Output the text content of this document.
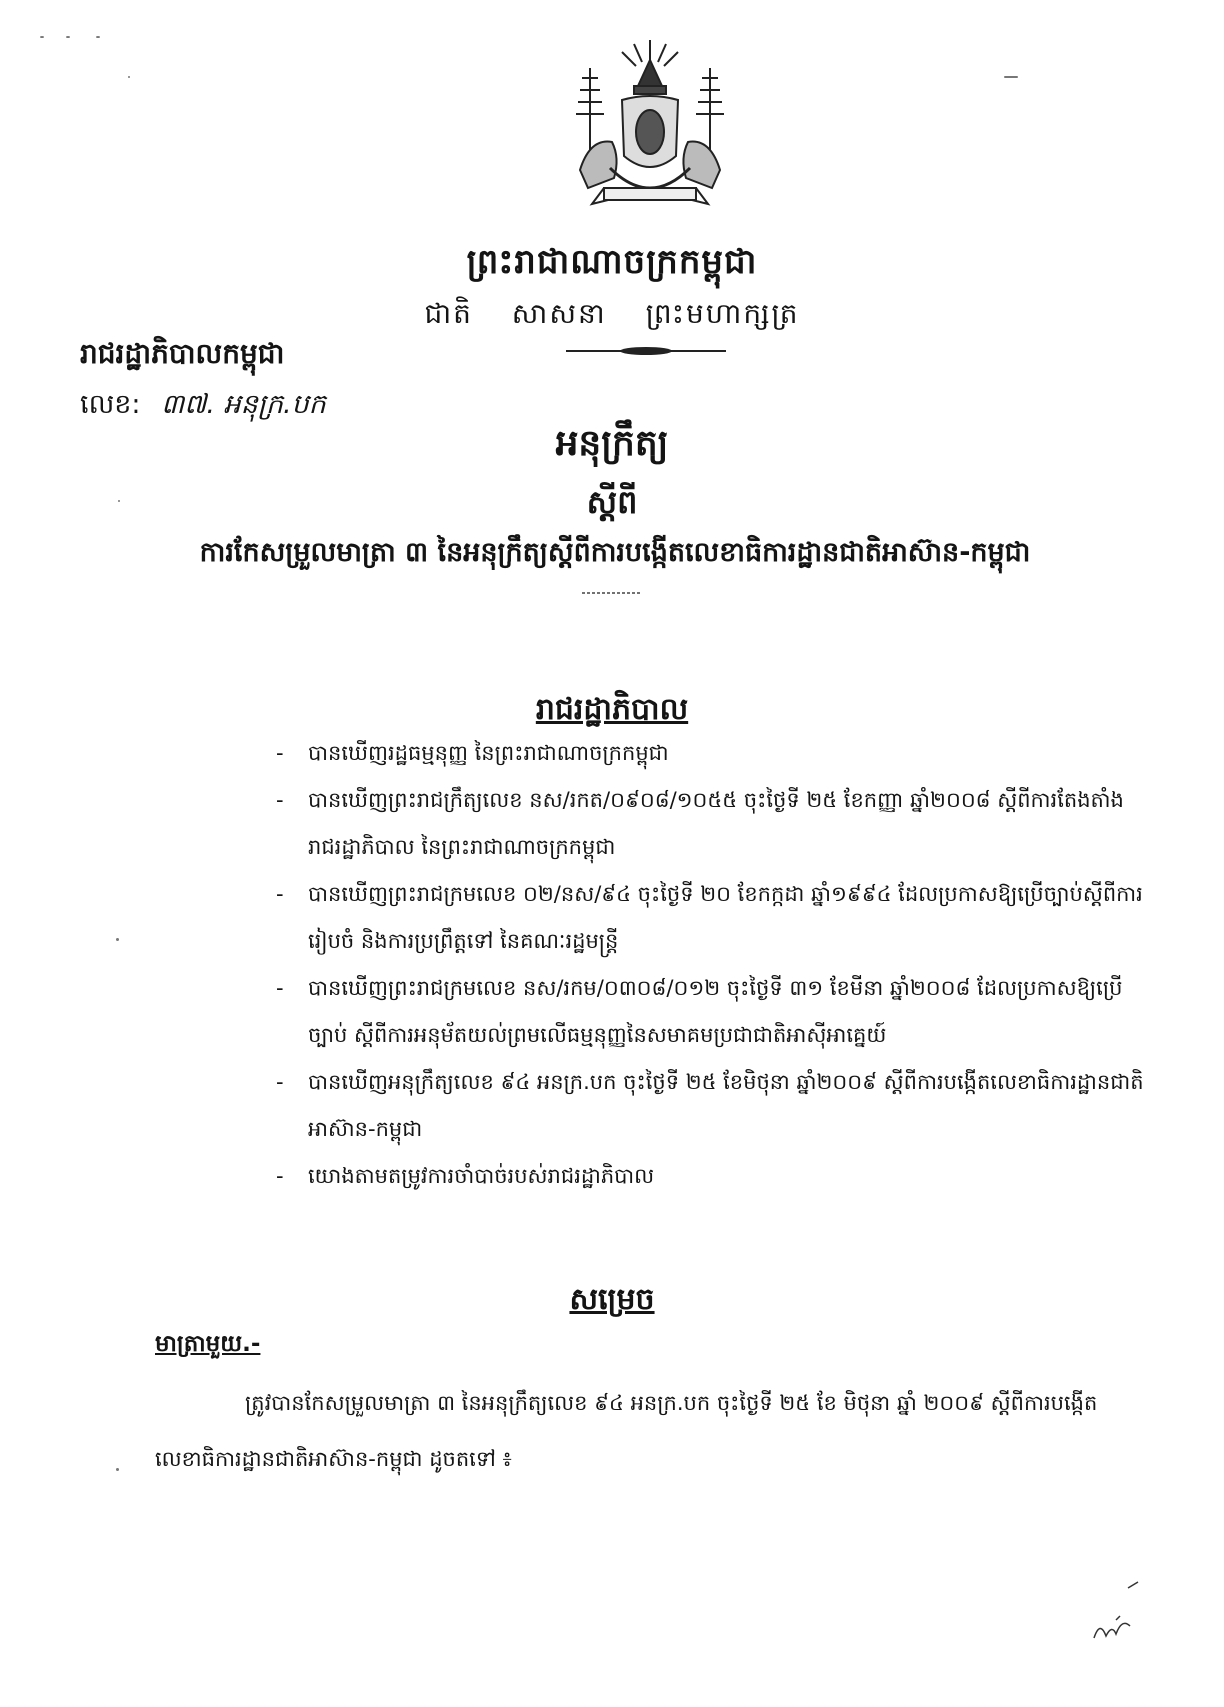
ព្រះរាជាណាចក្រកម្ពុជា
ជាតិ សាសនា ព្រះមហាក្សត្រ
រាជរដ្ឋាភិបាលកម្ពុជា
លេខ: ៣៧. អនុក្រ.បក
អនុក្រឹត្យ
ស្ដីពី
ការកែសម្រួលមាត្រា ៣ នៃអនុក្រឹត្យស្ដីពីការបង្កើតលេខាធិការដ្ឋានជាតិអាស៊ាន-កម្ពុជា
រាជរដ្ឋាភិបាល
- បានឃើញរដ្ឋធម្មនុញ្ញ នៃព្រះរាជាណាចក្រកម្ពុជា
- បានឃើញព្រះរាជក្រឹត្យលេខ នស/រកត/០៩០៨/១០៥៥ ចុះថ្ងៃទី ២៥ ខែកញ្ញា ឆ្នាំ២០០៨ ស្ដីពីការតែងតាំងរាជរដ្ឋាភិបាល នៃព្រះរាជាណាចក្រកម្ពុជា
- បានឃើញព្រះរាជក្រមលេខ ០២/នស/៩៤ ចុះថ្ងៃទី ២០ ខែកក្កដា ឆ្នាំ១៩៩៤ ដែលប្រកាសឱ្យប្រើច្បាប់ស្ដីពីការរៀបចំ និងការប្រព្រឹត្តទៅ នៃគណៈរដ្ឋមន្ត្រី
- បានឃើញព្រះរាជក្រមលេខ នស/រកម/០៣០៨/០១២ ចុះថ្ងៃទី ៣១ ខែមីនា ឆ្នាំ២០០៨ ដែលប្រកាសឱ្យប្រើច្បាប់ ស្ដីពីការអនុម័តយល់ព្រមលើធម្មនុញ្ញនៃសមាគមប្រជាជាតិអាស៊ីអាគ្នេយ៍
- បានឃើញអនុក្រឹត្យលេខ ៩៤ អនក្រ.បក ចុះថ្ងៃទី ២៥ ខែមិថុនា ឆ្នាំ២០០៩ ស្ដីពីការបង្កើតលេខាធិការដ្ឋានជាតិអាស៊ាន-កម្ពុជា
- យោងតាមតម្រូវការចាំបាច់របស់រាជរដ្ឋាភិបាល
សម្រេច
មាត្រាមួយ.-
ត្រូវបានកែសម្រួលមាត្រា ៣ នៃអនុក្រឹត្យលេខ ៩៤ អនក្រ.បក ចុះថ្ងៃទី ២៥ ខែ មិថុនា ឆ្នាំ ២០០៩ ស្ដីពីការបង្កើតលេខាធិការដ្ឋានជាតិអាស៊ាន-កម្ពុជា ដូចតទៅ ៖
